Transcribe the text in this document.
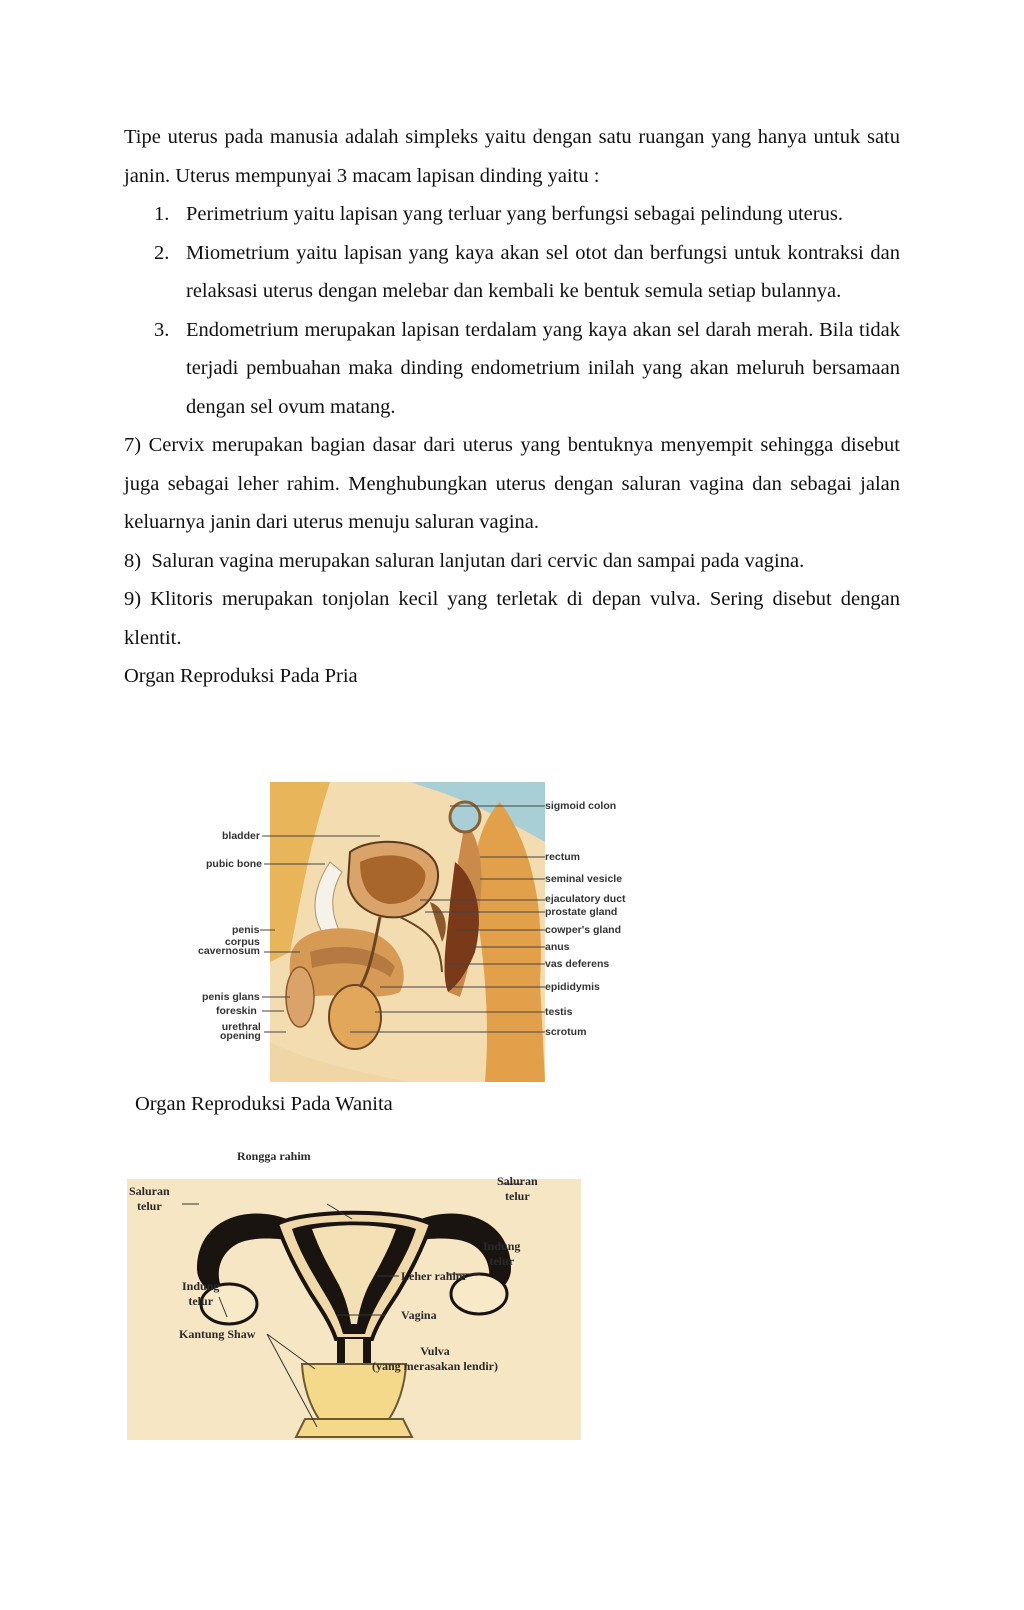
Tipe uterus pada manusia adalah simpleks yaitu dengan satu ruangan yang hanya untuk satu janin. Uterus mempunyai 3 macam lapisan dinding yaitu :

1. Perimetrium yaitu lapisan yang terluar yang berfungsi sebagai pelindung uterus.

2. Miometrium yaitu lapisan yang kaya akan sel otot dan berfungsi untuk kontraksi dan relaksasi uterus dengan melebar dan kembali ke bentuk semula setiap bulannya.

3. Endometrium merupakan lapisan terdalam yang kaya akan sel darah merah. Bila tidak terjadi pembuahan maka dinding endometrium inilah yang akan meluruh bersamaan dengan sel ovum matang.

7) Cervix merupakan bagian dasar dari uterus yang bentuknya menyempit sehingga disebut juga sebagai leher rahim. Menghubungkan uterus dengan saluran vagina dan sebagai jalan keluarnya janin dari uterus menuju saluran vagina.

8)  Saluran vagina merupakan saluran lanjutan dari cervic dan sampai pada vagina.

9) Klitoris merupakan tonjolan kecil yang terletak di depan vulva. Sering disebut dengan klentit.

Organ Reproduksi Pada Pria

bladder
pubic bone
penis
corpus
cavernosum
penis glans
foreskin
urethral
opening
sigmoid colon
rectum
seminal vesicle
ejaculatory duct
prostate gland
cowper's gland
anus
vas deferens
epididymis
testis
scrotum
Organ Reproduksi Pada Wanita
Rongga rahim
Saluran
telur
Saluran
telur
Indung
telur
Indung
telur
Leher rahim
Vagina
Kantung Shaw
Vulva
(yang merasakan lendir)
